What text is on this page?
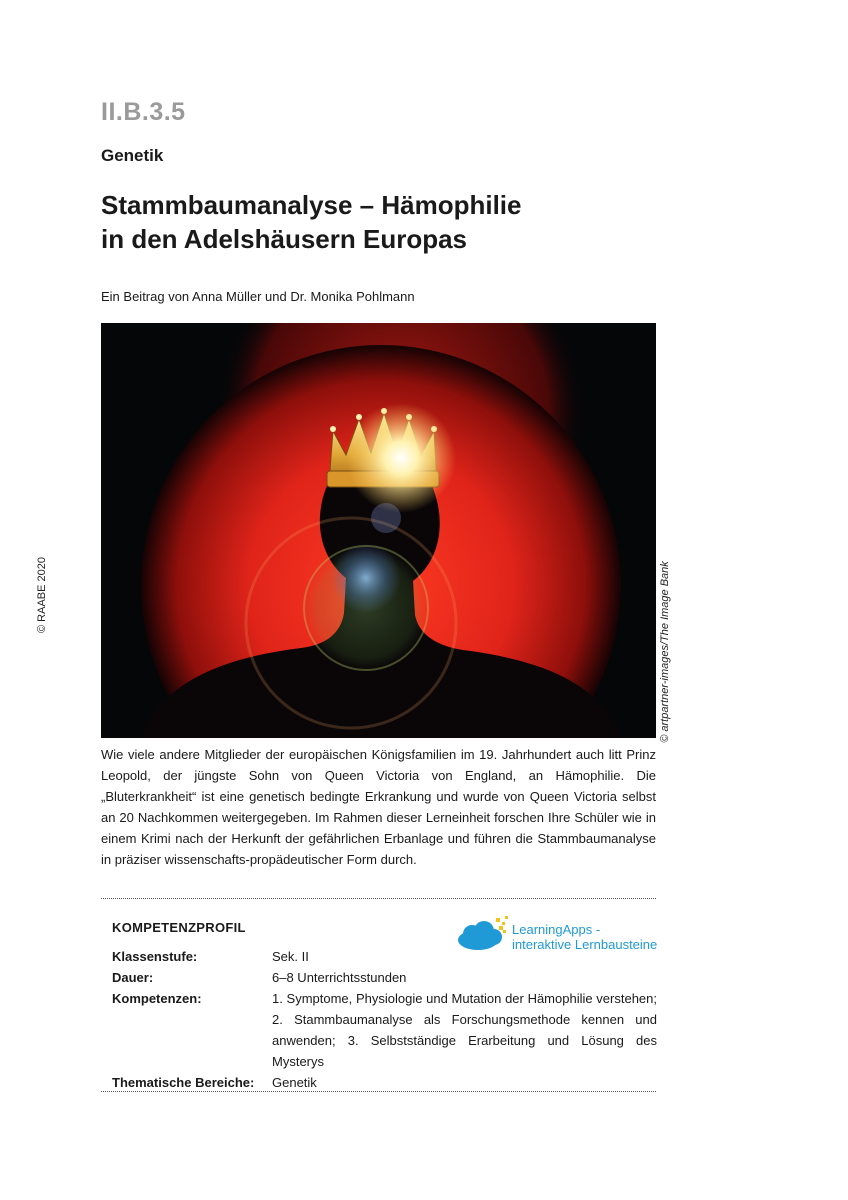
II.B.3.5
Genetik
Stammbaumanalyse – Hämophilie
in den Adelshäusern Europas
Ein Beitrag von Anna Müller und Dr. Monika Pohlmann
© RAABE 2020	© artpartner-images/The Image Bank

Wie viele andere Mitglieder der europäischen Königsfamilien im 19. Jahrhundert auch litt Prinz Leopold, der jüngste Sohn von Queen Victoria von England, an Hämophilie. Die „Bluterkrankheit“ ist eine genetisch bedingte Erkrankung und wurde von Queen Victoria selbst an 20 Nachkommen weitergegeben. Im Rahmen dieser Lerneinheit forschen Ihre Schüler wie in einem Krimi nach der Herkunft der gefährlichen Erbanlage und führen die Stammbaumanalyse in präziser wissenschafts-propädeutischer Form durch.

KOMPETENZPROFIL	LearningApps -
interaktive Lernbausteine
Klassenstufe:	Sek. II
Dauer:	6–8 Unterrichtsstunden
Kompetenzen:	1. Symptome, Physiologie und Mutation der Hämophilie verstehen; 2. Stammbaumanalyse als Forschungsmethode kennen und anwenden; 3. Selbstständige Erarbeitung und Lösung des Mysterys
Thematische Bereiche:	Genetik
